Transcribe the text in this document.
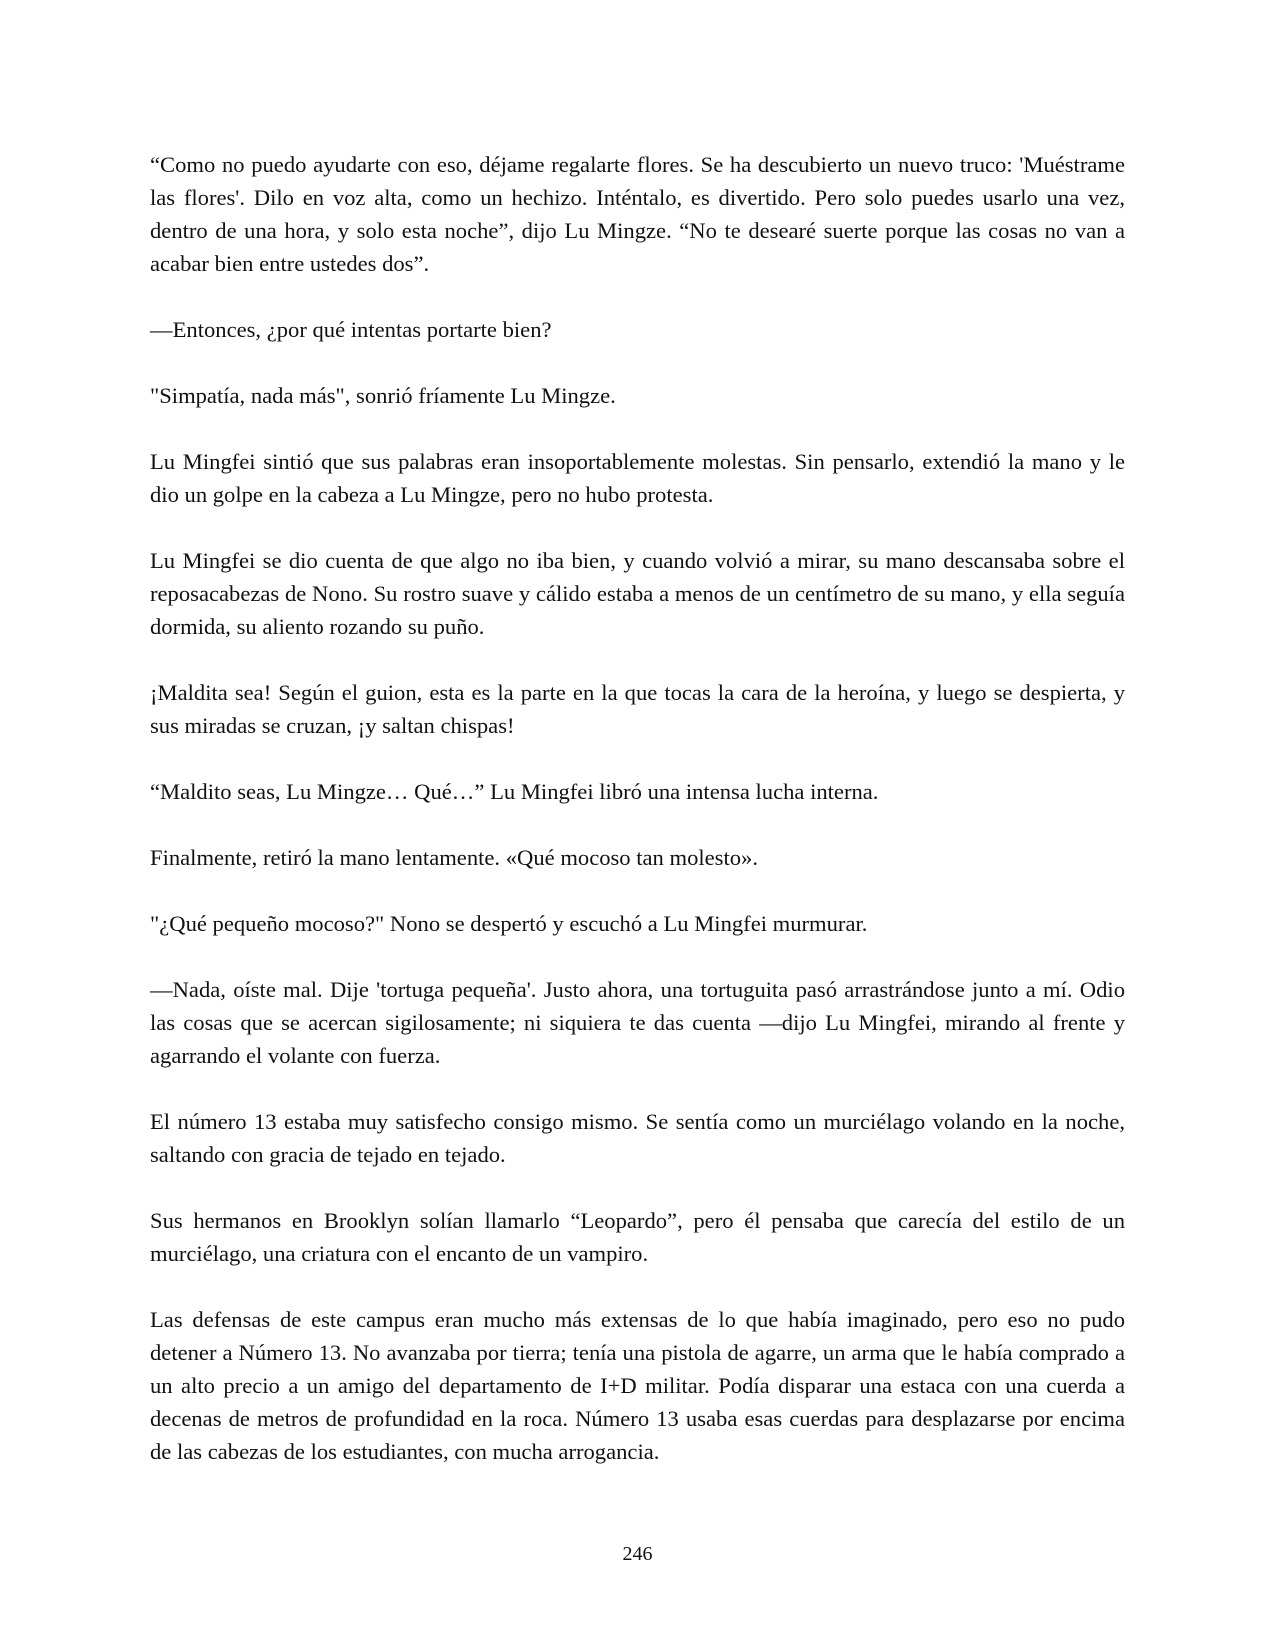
“Como no puedo ayudarte con eso, déjame regalarte flores. Se ha descubierto un nuevo truco: 'Muéstrame las flores'. Dilo en voz alta, como un hechizo. Inténtalo, es divertido. Pero solo puedes usarlo una vez, dentro de una hora, y solo esta noche”, dijo Lu Mingze. “No te desearé suerte porque las cosas no van a acabar bien entre ustedes dos”.

—Entonces, ¿por qué intentas portarte bien?

"Simpatía, nada más", sonrió fríamente Lu Mingze.

Lu Mingfei sintió que sus palabras eran insoportablemente molestas. Sin pensarlo, extendió la mano y le dio un golpe en la cabeza a Lu Mingze, pero no hubo protesta.

Lu Mingfei se dio cuenta de que algo no iba bien, y cuando volvió a mirar, su mano descansaba sobre el reposacabezas de Nono. Su rostro suave y cálido estaba a menos de un centímetro de su mano, y ella seguía dormida, su aliento rozando su puño.

¡Maldita sea! Según el guion, esta es la parte en la que tocas la cara de la heroína, y luego se despierta, y sus miradas se cruzan, ¡y saltan chispas!

“Maldito seas, Lu Mingze… Qué…” Lu Mingfei libró una intensa lucha interna.

Finalmente, retiró la mano lentamente. «Qué mocoso tan molesto».

"¿Qué pequeño mocoso?" Nono se despertó y escuchó a Lu Mingfei murmurar.

—Nada, oíste mal. Dije 'tortuga pequeña'. Justo ahora, una tortuguita pasó arrastrándose junto a mí. Odio las cosas que se acercan sigilosamente; ni siquiera te das cuenta —dijo Lu Mingfei, mirando al frente y agarrando el volante con fuerza.

El número 13 estaba muy satisfecho consigo mismo. Se sentía como un murciélago volando en la noche, saltando con gracia de tejado en tejado.

Sus hermanos en Brooklyn solían llamarlo “Leopardo”, pero él pensaba que carecía del estilo de un murciélago, una criatura con el encanto de un vampiro.

Las defensas de este campus eran mucho más extensas de lo que había imaginado, pero eso no pudo detener a Número 13. No avanzaba por tierra; tenía una pistola de agarre, un arma que le había comprado a un alto precio a un amigo del departamento de I+D militar. Podía disparar una estaca con una cuerda a decenas de metros de profundidad en la roca. Número 13 usaba esas cuerdas para desplazarse por encima de las cabezas de los estudiantes, con mucha arrogancia.

246
